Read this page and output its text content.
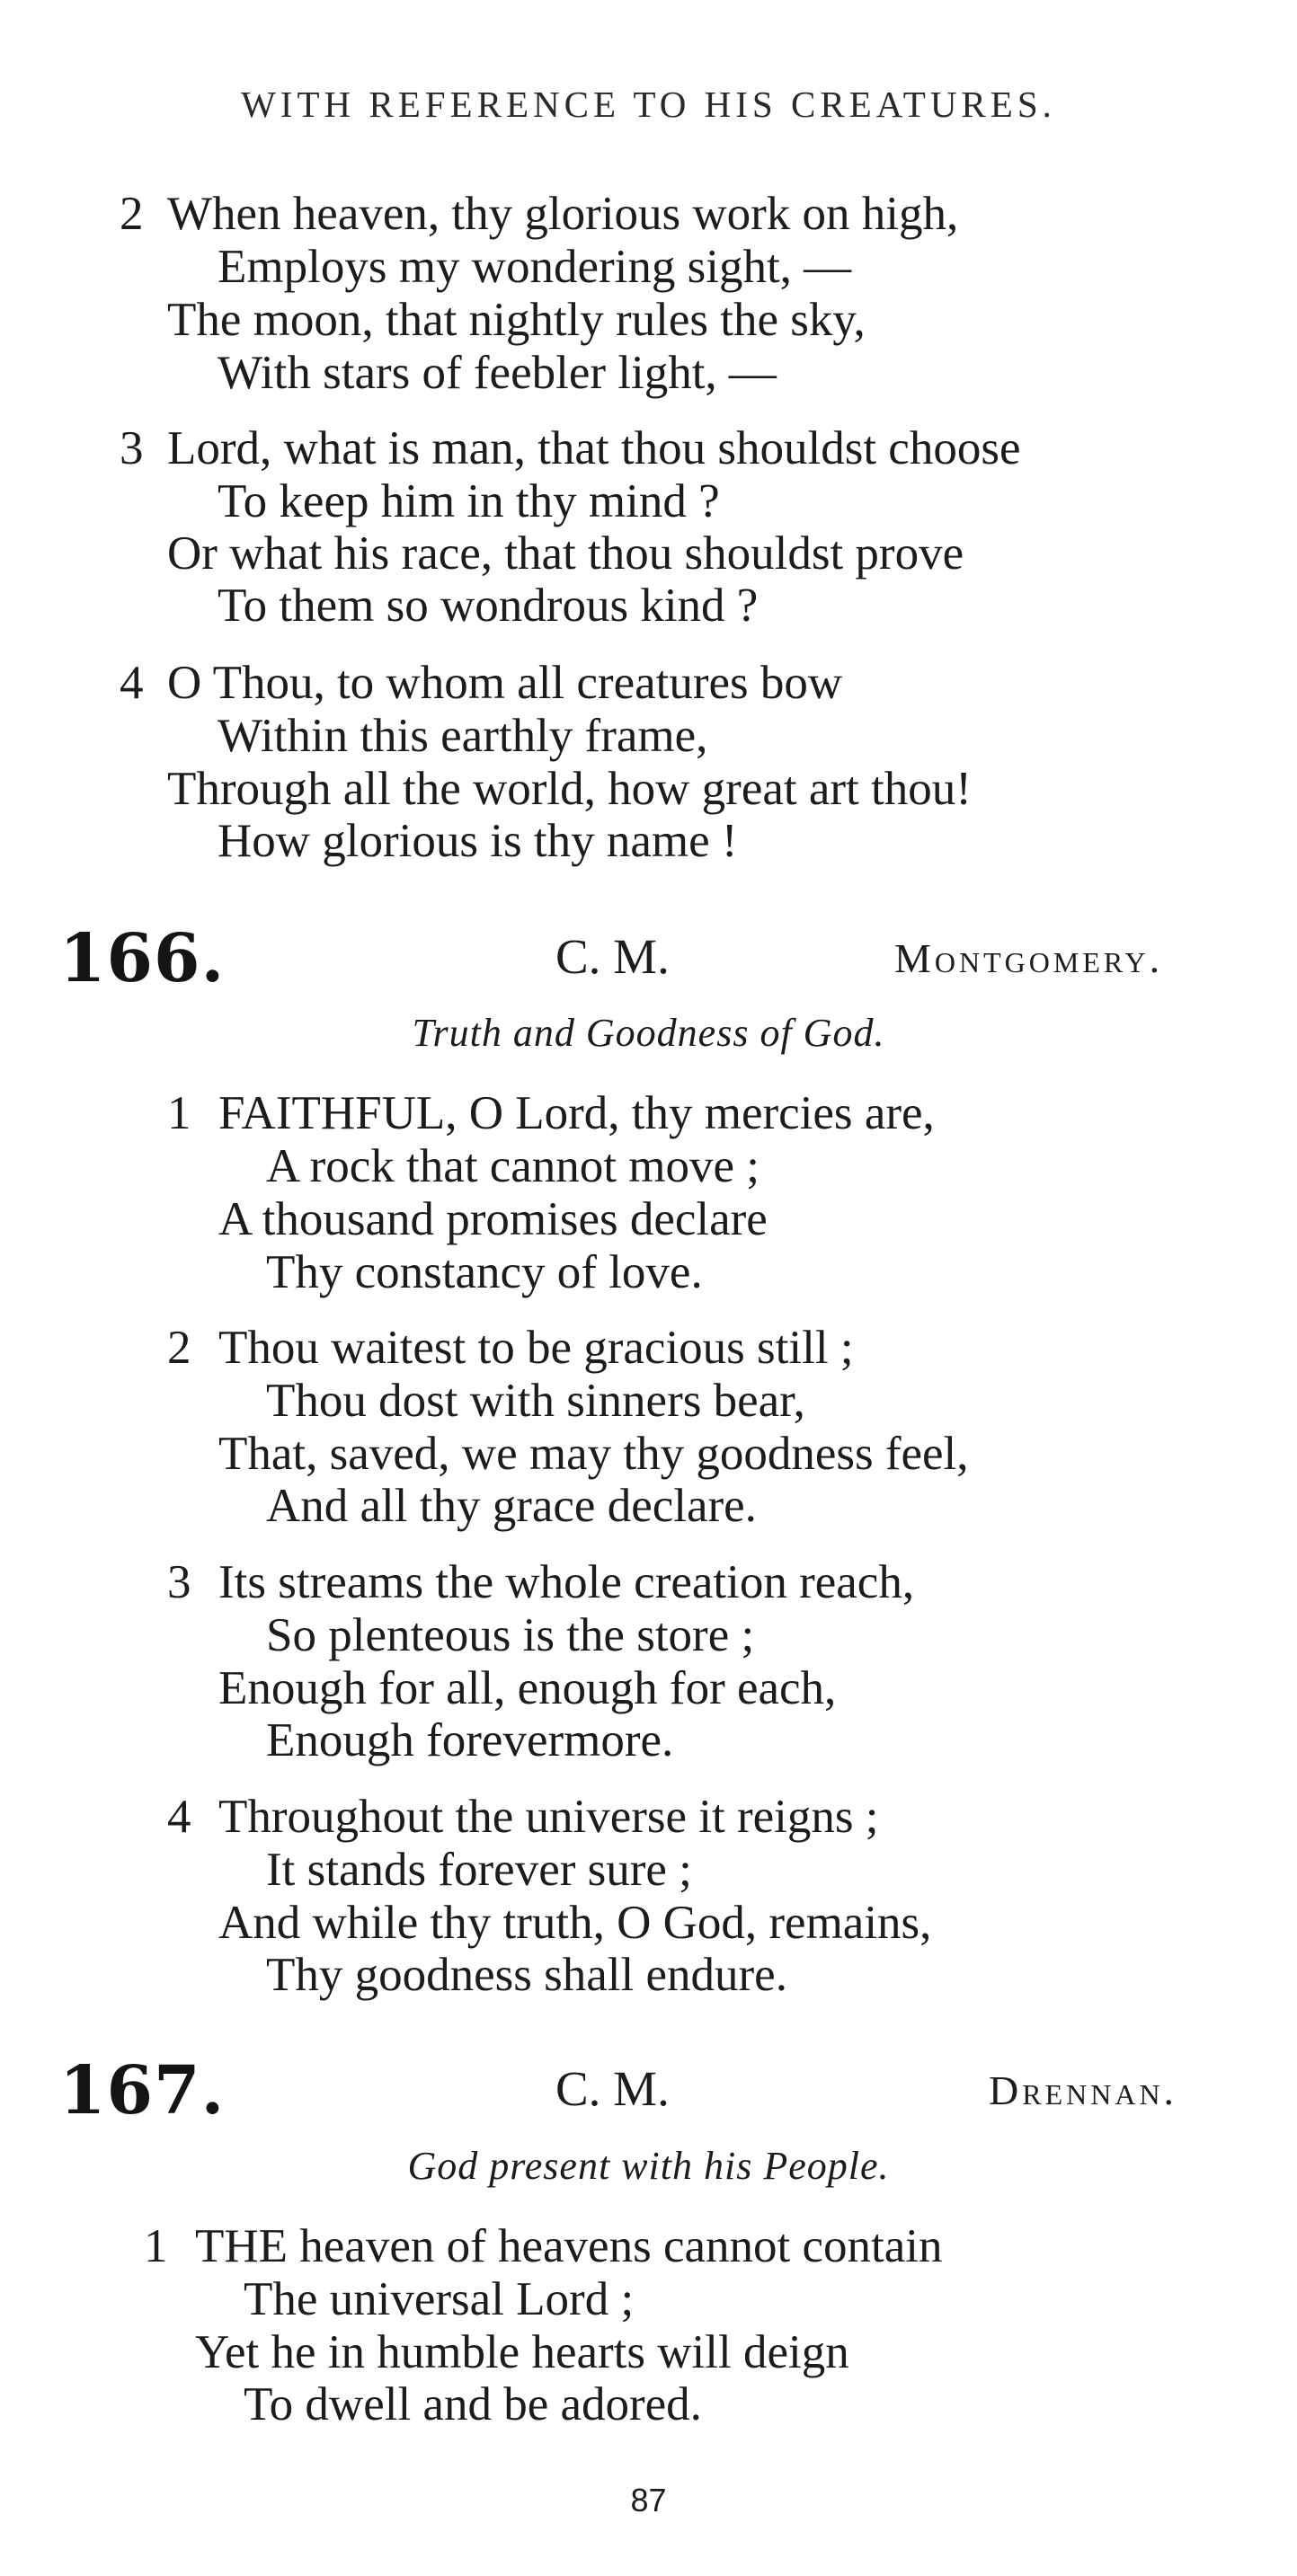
WITH REFERENCE TO HIS CREATURES.
2 When heaven, thy glorious work on high,
Employs my wondering sight, —
The moon, that nightly rules the sky,
With stars of feebler light, —
3 Lord, what is man, that thou shouldst choose
To keep him in thy mind ?
Or what his race, that thou shouldst prove
To them so wondrous kind ?
4 O Thou, to whom all creatures bow
Within this earthly frame,
Through all the world, how great art thou!
How glorious is thy name !
166.	C. M.	Montgomery.
Truth and Goodness of God.
1 FAITHFUL, O Lord, thy mercies are,
A rock that cannot move ;
A thousand promises declare
Thy constancy of love.
2 Thou waitest to be gracious still ;
Thou dost with sinners bear,
That, saved, we may thy goodness feel,
And all thy grace declare.
3 Its streams the whole creation reach,
So plenteous is the store ;
Enough for all, enough for each,
Enough forevermore.
4 Throughout the universe it reigns ;
It stands forever sure ;
And while thy truth, O God, remains,
Thy goodness shall endure.
167.	C. M.	Drennan.
God present with his People.
1 THE heaven of heavens cannot contain
The universal Lord ;
Yet he in humble hearts will deign
To dwell and be adored.
87
